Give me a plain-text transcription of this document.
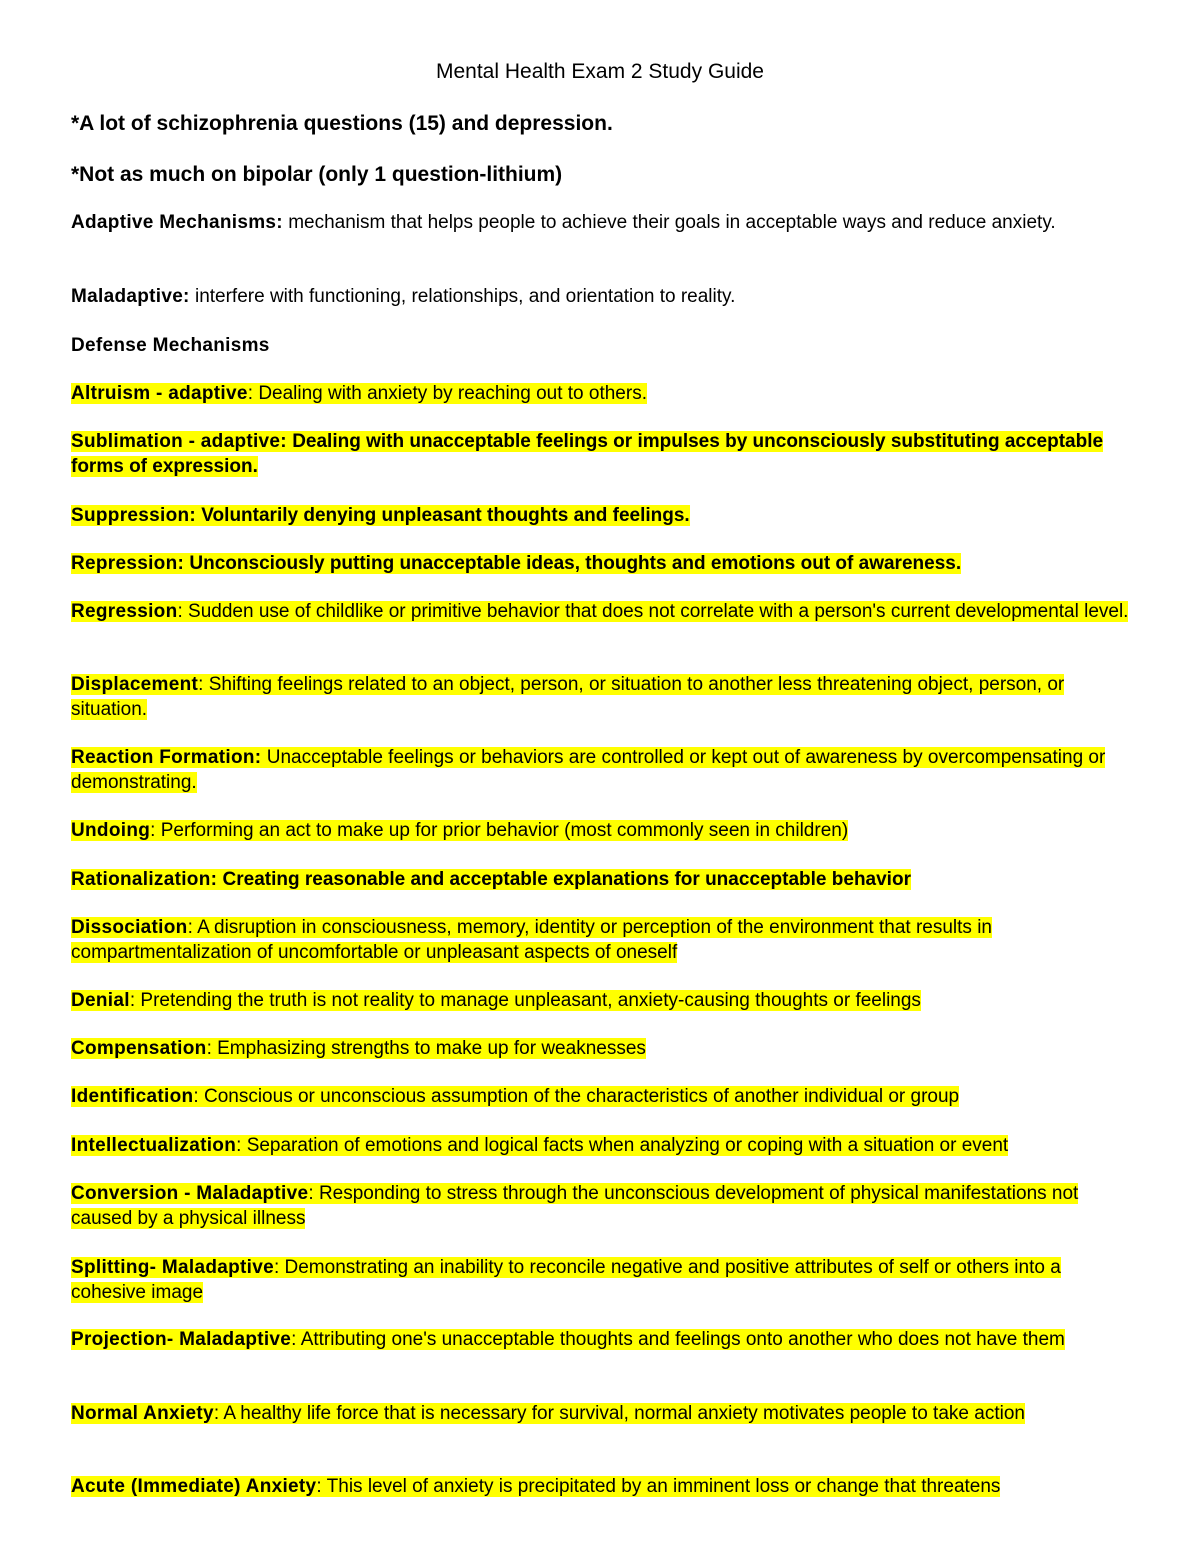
Mental Health Exam 2 Study Guide
*A lot of schizophrenia questions (15) and depression.
*Not as much on bipolar (only 1 question-lithium)
Adaptive Mechanisms: mechanism that helps people to achieve their goals in acceptable ways and reduce anxiety.
Maladaptive: interfere with functioning, relationships, and orientation to reality.
Defense Mechanisms
Altruism - adaptive: Dealing with anxiety by reaching out to others.
Sublimation - adaptive: Dealing with unacceptable feelings or impulses by unconsciously substituting acceptable forms of expression.
Suppression: Voluntarily denying unpleasant thoughts and feelings.
Repression: Unconsciously putting unacceptable ideas, thoughts and emotions out of awareness.
Regression: Sudden use of childlike or primitive behavior that does not correlate with a person's current developmental level.
Displacement: Shifting feelings related to an object, person, or situation to another less threatening object, person, or situation.
Reaction Formation: Unacceptable feelings or behaviors are controlled or kept out of awareness by overcompensating or demonstrating.
Undoing: Performing an act to make up for prior behavior (most commonly seen in children)
Rationalization: Creating reasonable and acceptable explanations for unacceptable behavior
Dissociation: A disruption in consciousness, memory, identity or perception of the environment that results in compartmentalization of uncomfortable or unpleasant aspects of oneself
Denial: Pretending the truth is not reality to manage unpleasant, anxiety-causing thoughts or feelings
Compensation: Emphasizing strengths to make up for weaknesses
Identification: Conscious or unconscious assumption of the characteristics of another individual or group
Intellectualization: Separation of emotions and logical facts when analyzing or coping with a situation or event
Conversion - Maladaptive: Responding to stress through the unconscious development of physical manifestations not caused by a physical illness
Splitting- Maladaptive: Demonstrating an inability to reconcile negative and positive attributes of self or others into a cohesive image
Projection- Maladaptive: Attributing one's unacceptable thoughts and feelings onto another who does not have them
Normal Anxiety: A healthy life force that is necessary for survival, normal anxiety motivates people to take action
Acute (Immediate) Anxiety: This level of anxiety is precipitated by an imminent loss or change that threatens
